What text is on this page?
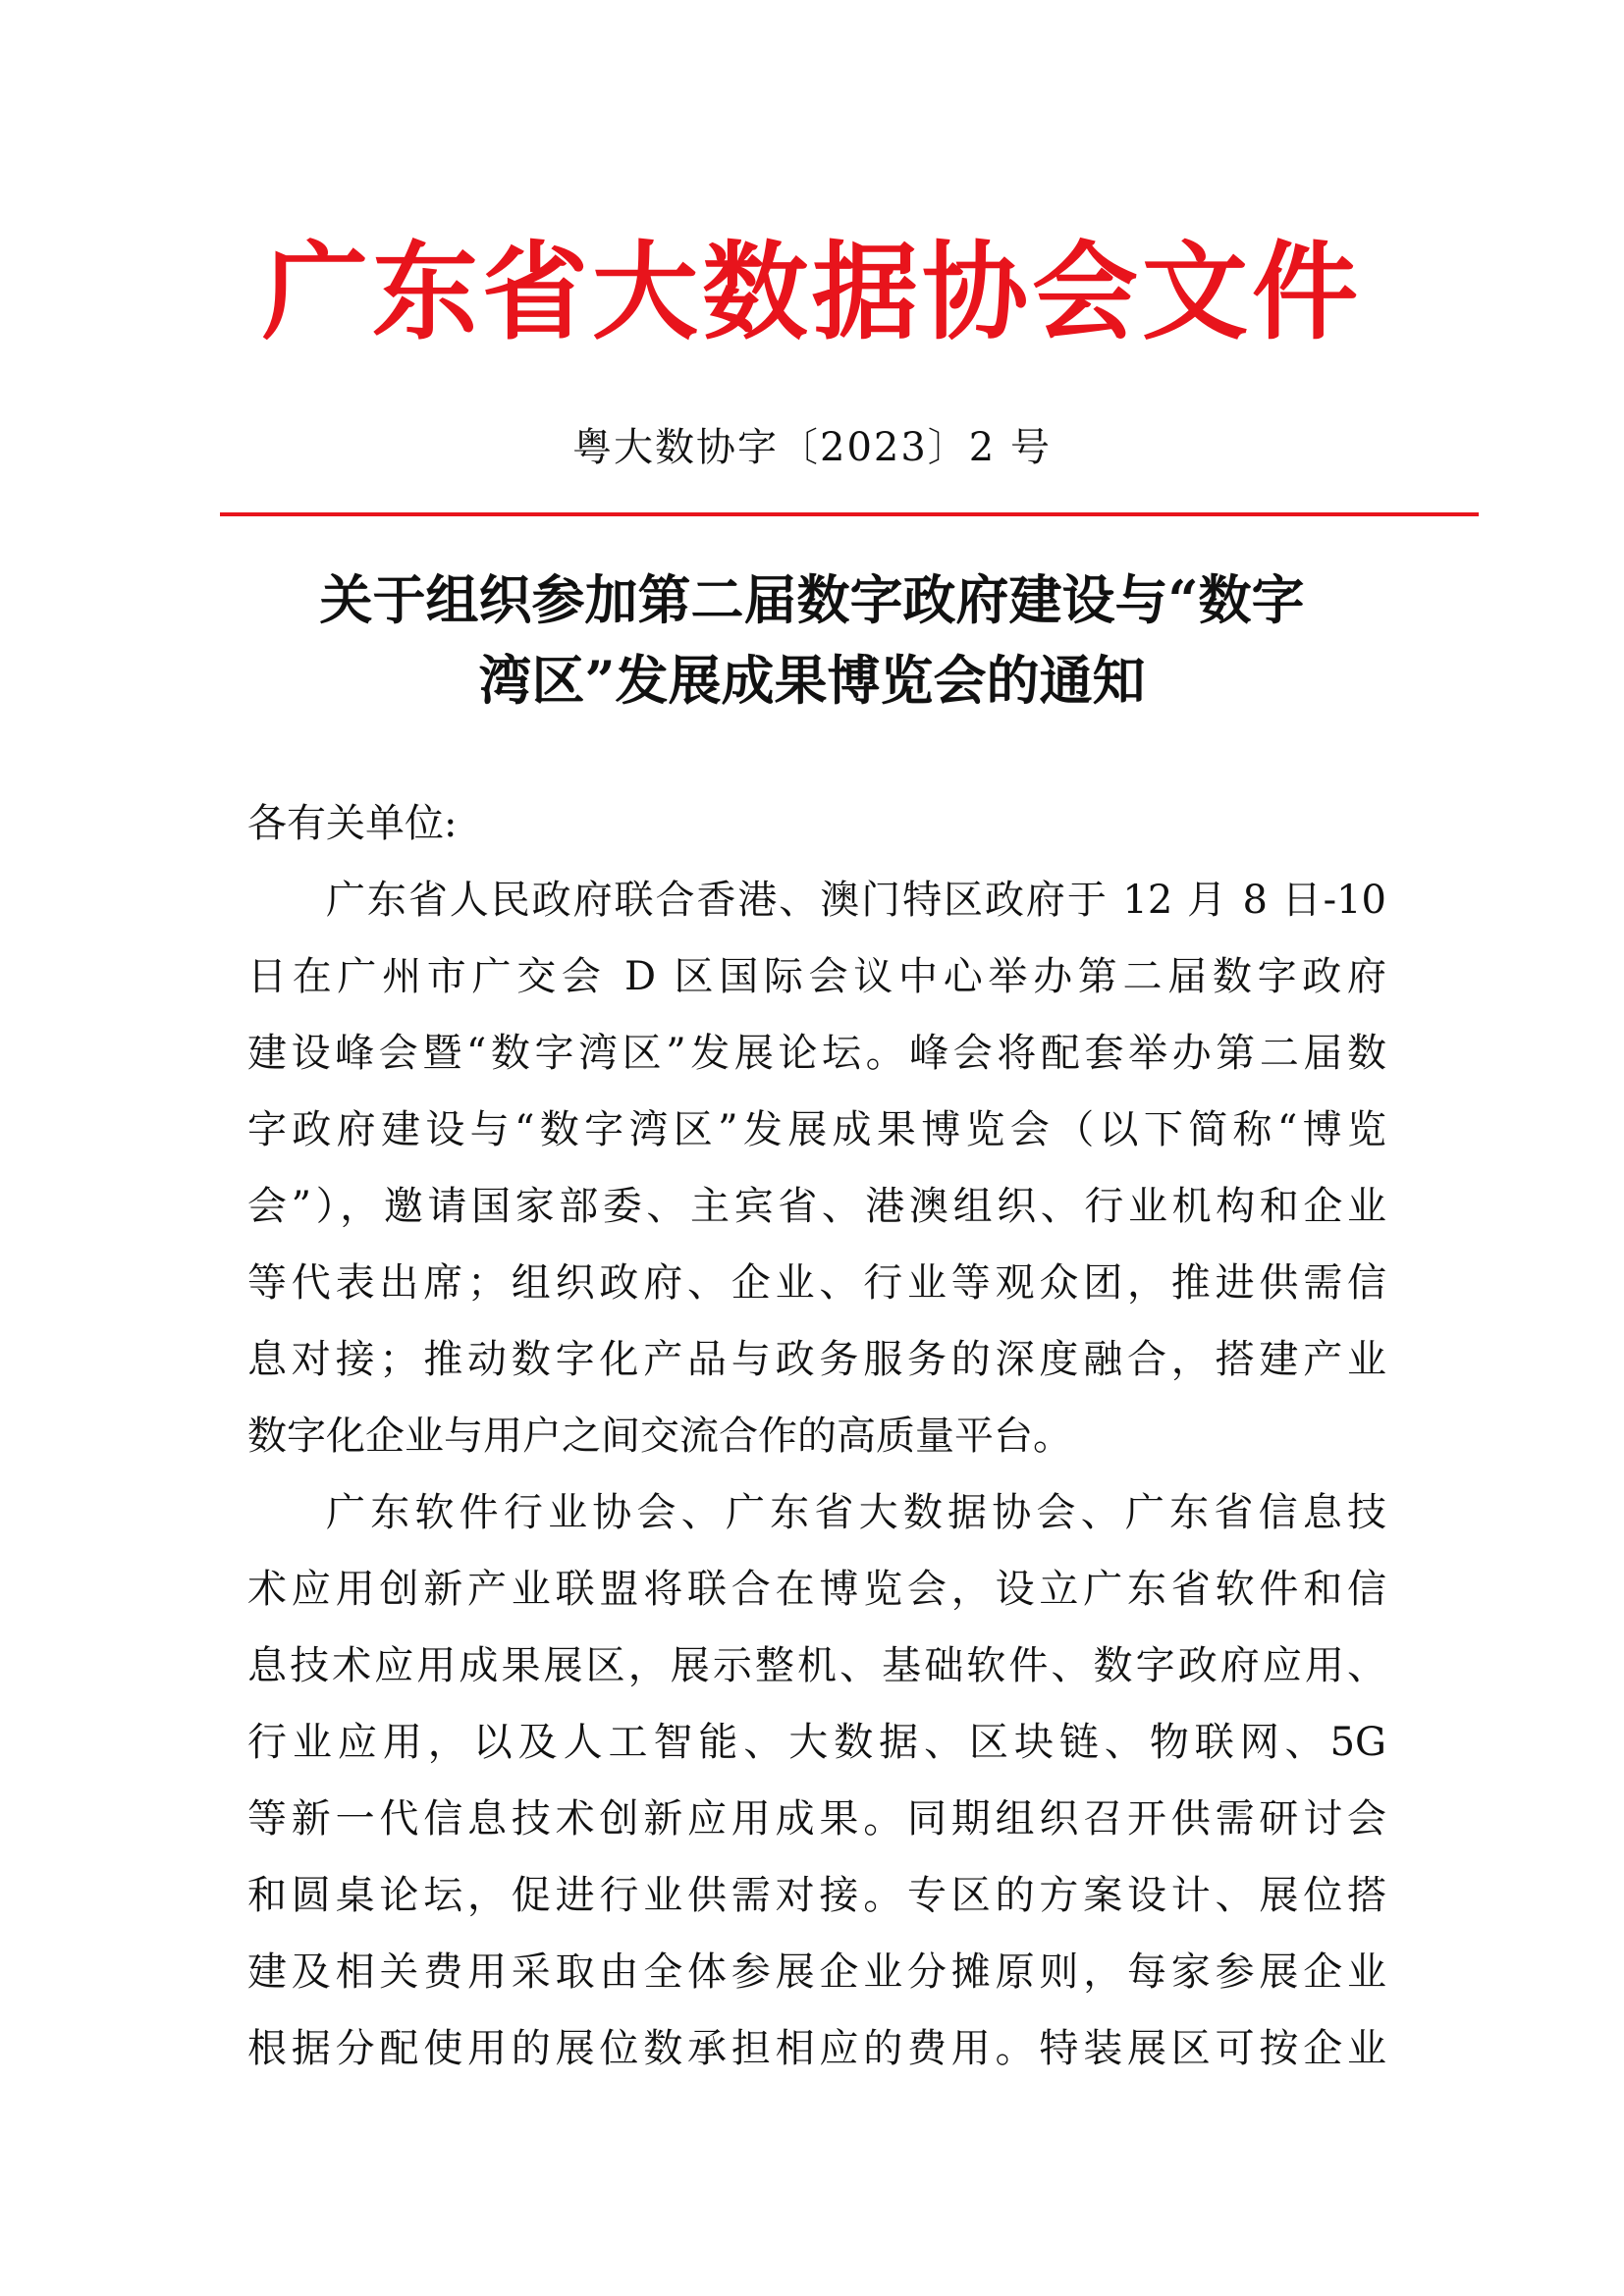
广东省大数据协会文件
粤大数协字〔2023〕2 号
关于组织参加第二届数字政府建设与“数字
湾区”发展成果博览会的通知
各有关单位:
广东省人民政府联合香港、澳门特区政府于 12 月 8 日-10
日在广州市广交会 D 区国际会议中心举办第二届数字政府
建设峰会暨“数字湾区”发展论坛。峰会将配套举办第二届数
字政府建设与“数字湾区”发展成果博览会（以下简称“博览
会”），邀请国家部委、主宾省、港澳组织、行业机构和企业
等代表出席；组织政府、企业、行业等观众团，推进供需信
息对接；推动数字化产品与政务服务的深度融合，搭建产业
数字化企业与用户之间交流合作的高质量平台。
广东软件行业协会、广东省大数据协会、广东省信息技
术应用创新产业联盟将联合在博览会，设立广东省软件和信
息技术应用成果展区，展示整机、基础软件、数字政府应用、
行业应用，以及人工智能、大数据、区块链、物联网、5G
等新一代信息技术创新应用成果。同期组织召开供需研讨会
和圆桌论坛，促进行业供需对接。专区的方案设计、展位搭
建及相关费用采取由全体参展企业分摊原则，每家参展企业
根据分配使用的展位数承担相应的费用。特装展区可按企业
